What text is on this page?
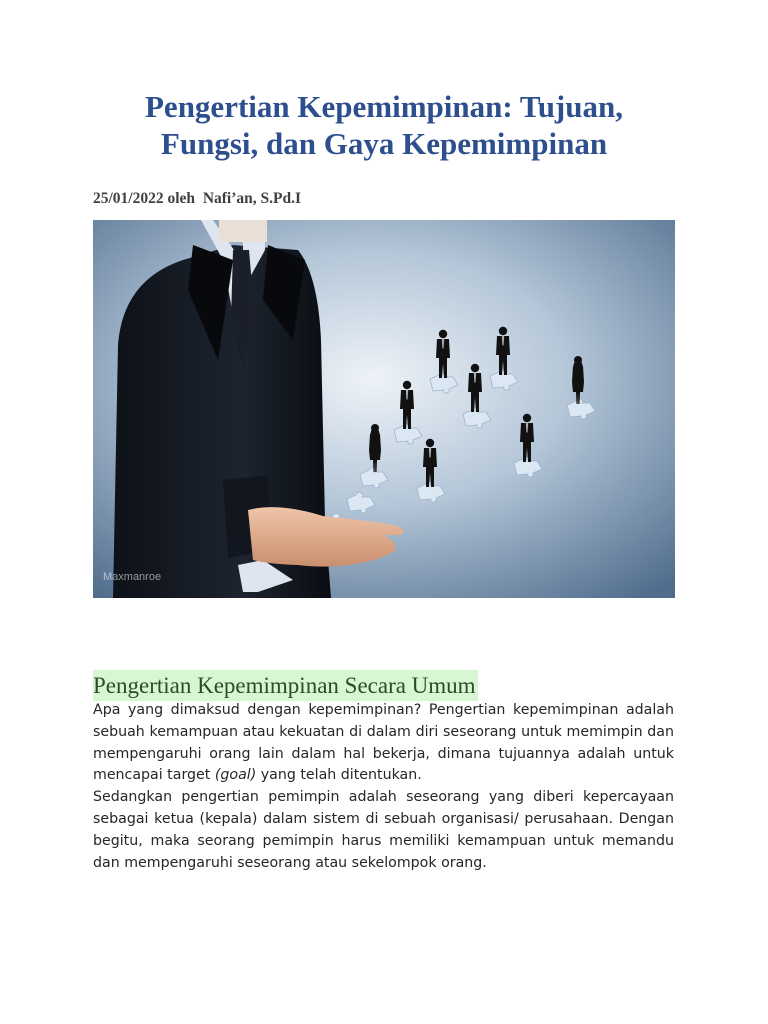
Pengertian Kepemimpinan: Tujuan,
Fungsi, dan Gaya Kepemimpinan
25/01/2022 oleh Nafi’an, S.Pd.I
Maxmanroe
Pengertian Kepemimpinan Secara Umum

Apa yang dimaksud dengan kepemimpinan? Pengertian kepemimpinan adalah sebuah kemampuan atau kekuatan di dalam diri seseorang untuk memimpin dan mempengaruhi orang lain dalam hal bekerja, dimana tujuannya adalah untuk mencapai target (goal) yang telah ditentukan.

Sedangkan pengertian pemimpin adalah seseorang yang diberi kepercayaan sebagai ketua (kepala) dalam sistem di sebuah organisasi/ perusahaan. Dengan begitu, maka seorang pemimpin harus memiliki kemampuan untuk memandu dan mempengaruhi seseorang atau sekelompok orang.
